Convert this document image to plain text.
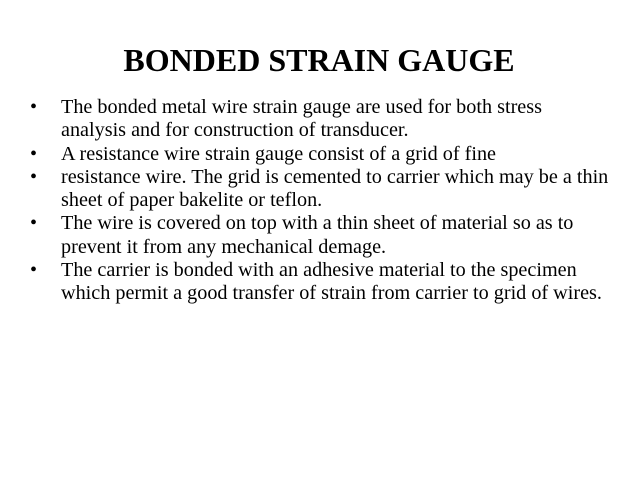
BONDED STRAIN GAUGE
•	The bonded metal wire strain gauge are used for both stress analysis and for construction of transducer.
•	A resistance wire strain gauge consist of a grid of fine
•	resistance wire. The grid is cemented to carrier which may be a thin sheet of paper bakelite or teflon.
•	The wire is covered on top with a thin sheet of material so as to prevent it from any mechanical demage.
•	The carrier is bonded with an adhesive material to the specimen which permit a good transfer of strain from carrier to grid of wires.
